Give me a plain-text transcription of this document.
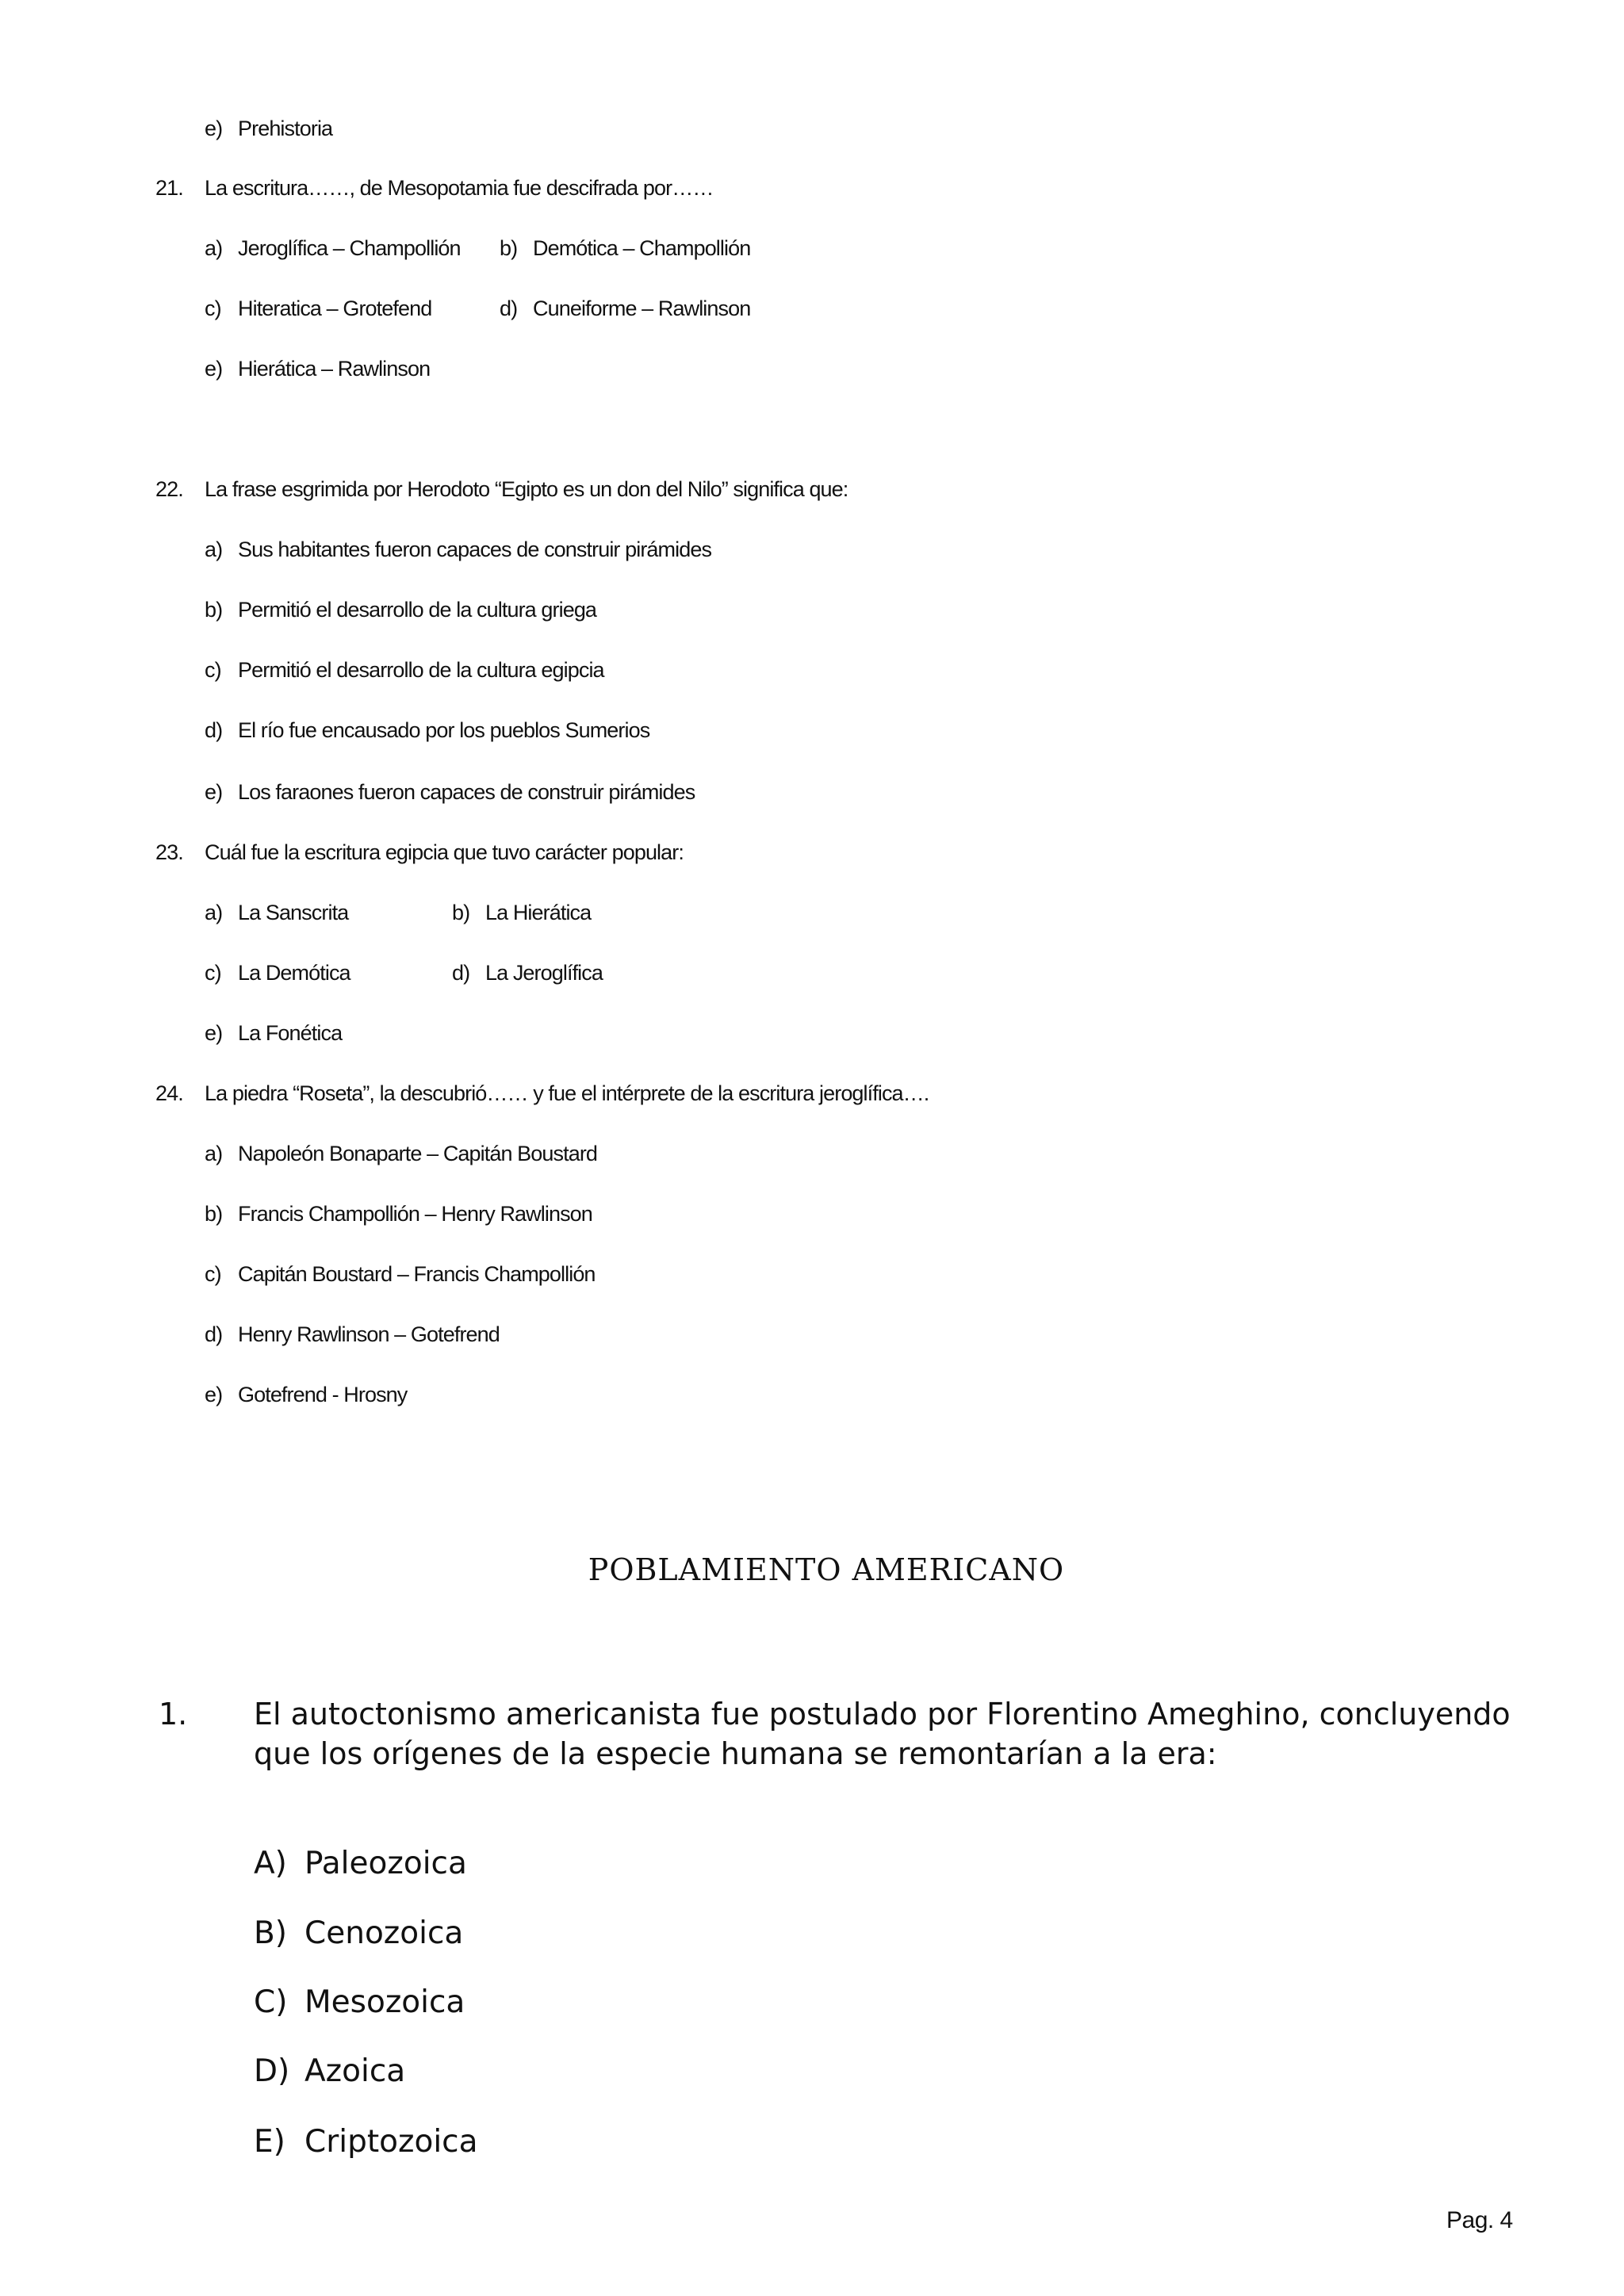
e) Prehistoria
21. La escritura……, de Mesopotamia fue descifrada por……
a) Jeroglífica – Champollión b) Demótica – Champollión
c) Hiteratica – Grotefend	d) Cuneiforme – Rawlinson
e) Hierática – Rawlinson
22. La frase esgrimida por Herodoto “Egipto es un don del Nilo” significa que:
a) Sus habitantes fueron capaces de construir pirámides
b) Permitió el desarrollo de la cultura griega
c) Permitió el desarrollo de la cultura egipcia
d) El río fue encausado por los pueblos Sumerios
e) Los faraones fueron capaces de construir pirámides
23. Cuál fue la escritura egipcia que tuvo carácter popular:
a) La Sanscrita	b) La Hierática
c) La Demótica	d) La Jeroglífica
e) La Fonética
24. La piedra “Roseta”, la descubrió…… y fue el intérprete de la escritura jeroglífica….
a) Napoleón Bonaparte – Capitán Boustard
b) Francis Champollión – Henry Rawlinson
c) Capitán Boustard – Francis Champollión
d) Henry Rawlinson – Gotefrend
e) Gotefrend - Hrosny
POBLAMIENTO AMERICANO
1. El autoctonismo americanista fue postulado por Florentino Ameghino, concluyendo
que los orígenes de la especie humana se remontarían a la era:
A) Paleozoica
B) Cenozoica
C) Mesozoica
D) Azoica
E) Criptozoica
Pag. 4
